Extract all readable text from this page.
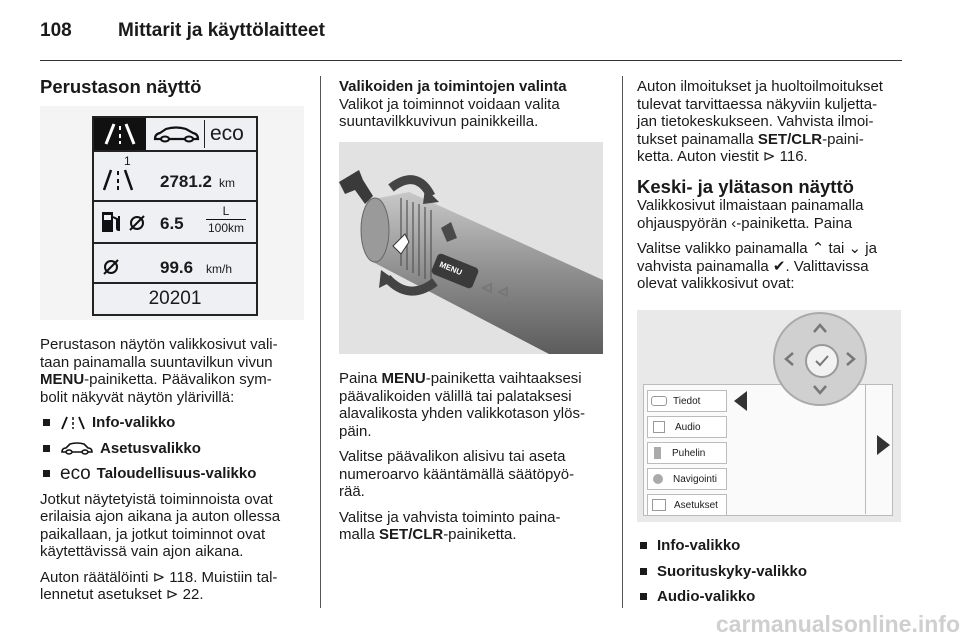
108 Mittarit ja käyttölaitteet
Perustason näyttö
eco
1
2781.2 km
6.5
L
100km
99.6 km/h
20201
Perustason näytön valikkosivut vali-
taan painamalla suuntavilkun vivun
MENU-painiketta. Päävalikon sym-
bolit näkyvät näytön ylärivillä:
Info-valikko
Asetusvalikko
eco Taloudellisuus-valikko
Jotkut näytetyistä toiminnoista ovat
erilaisia ajon aikana ja auton ollessa
paikallaan, ja jotkut toiminnot ovat
käytettävissä vain ajon aikana.
Auton räätälöinti ⊳ 118. Muistiin tal-
lennetut asetukset ⊳ 22.
Valikoiden ja toimintojen valinta
Valikot ja toiminnot voidaan valita
suuntavilkkuvivun painikkeilla.
MENU
Paina MENU-painiketta vaihtaaksesi
päävalikoiden välillä tai palataksesi
alavalikosta yhden valikkotason ylös-
päin.
Valitse päävalikon alisivu tai aseta
numeroarvo kääntämällä säätöpyö-
rää.
Valitse ja vahvista toiminto paina-
malla SET/CLR-painiketta.
Auton ilmoitukset ja huoltoilmoitukset
tulevat tarvittaessa näkyviin kuljetta-
jan tietokeskukseen. Vahvista ilmoi-
tukset painamalla SET/CLR-paini-
ketta. Auton viestit ⊳ 116.
Keski- ja ylätason näyttö
Valikkosivut ilmaistaan painamalla
ohjauspyörän ‹-painiketta. Paina
Valitse valikko painamalla ⌃ tai ⌄ ja
vahvista painamalla ✔. Valittavissa
olevat valikkosivut ovat:
Tiedot
Audio
Puhelin
Navigointi
Asetukset
Info-valikko
Suorituskyky-valikko
Audio-valikko
carmanualsonline.info
